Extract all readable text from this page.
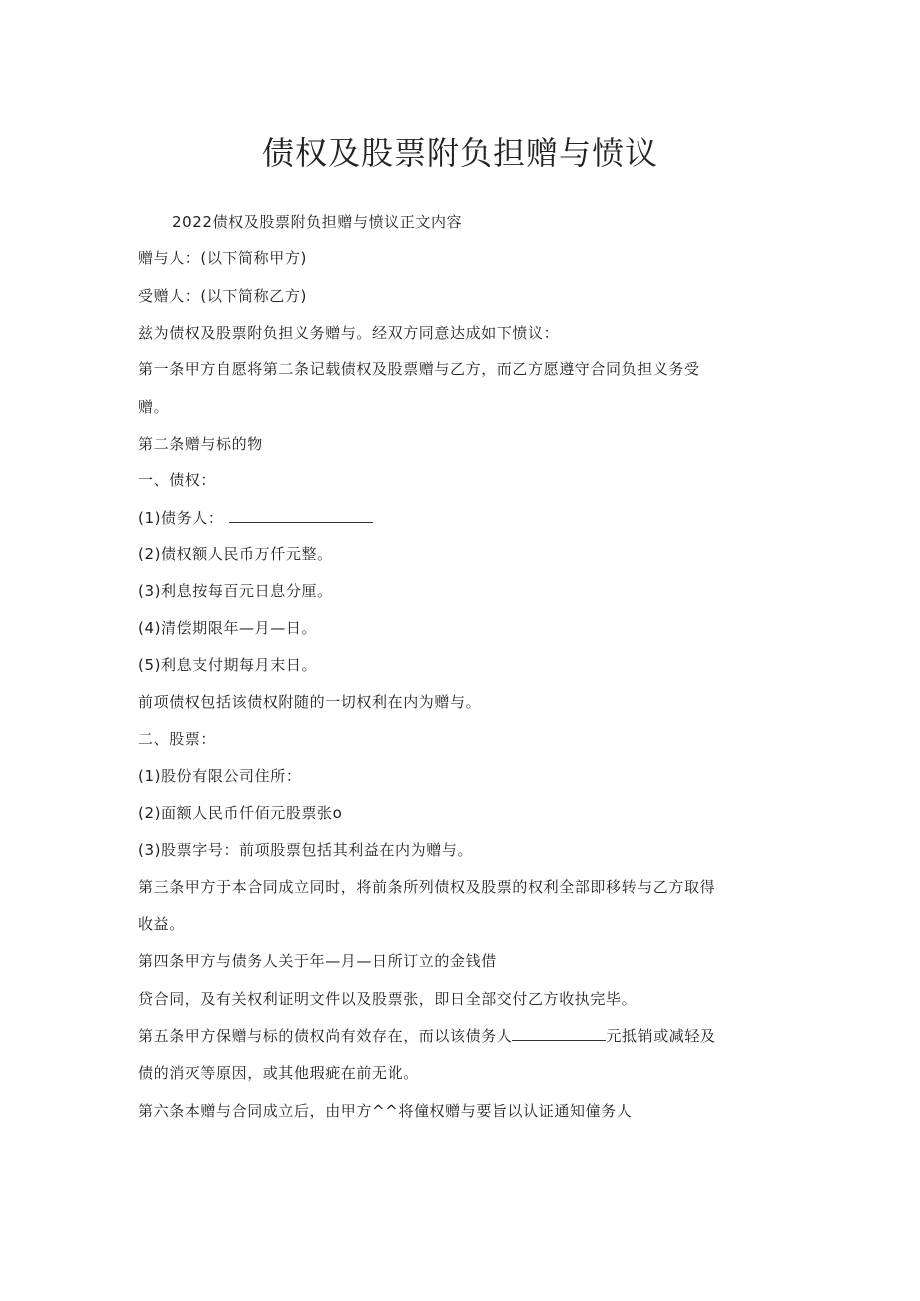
债权及股票附负担赠与愤议
2022债权及股票附负担赠与愤议正文内容
赠与人：(以下简称甲方)
受赠人：(以下简称乙方)
兹为债权及股票附负担义务赠与。经双方同意达成如下愤议：
第一条甲方自愿将第二条记载债权及股票赠与乙方，而乙方愿遵守合同负担义务受
赠。
第二条赠与标的物
一、债权：
(1)债务人：
(2)债权额人民币万仟元整。
(3)利息按每百元日息分厘。
(4)清偿期限年—月—日。
(5)利息支付期每月末日。
前项债权包括该债权附随的一切权利在内为赠与。
二、股票：
(1)股份有限公司住所：
(2)面额人民币仟佰元股票张o
(3)股票字号：前项股票包括其利益在内为赠与。
第三条甲方于本合同成立同时，将前条所列债权及股票的权利全部即移转与乙方取得
收益。
第四条甲方与债务人关于年—月—日所订立的金钱借
贷合同，及有关权利证明文件以及股票张，即日全部交付乙方收执完毕。
第五条甲方保赠与标的债权尚有效存在，而以该债务人	元抵销或减轻及
债的消灭等原因，或其他瑕疵在前无讹。
第六条本赠与合同成立后，由甲方^^将僮权赠与要旨以认证通知僮务人
